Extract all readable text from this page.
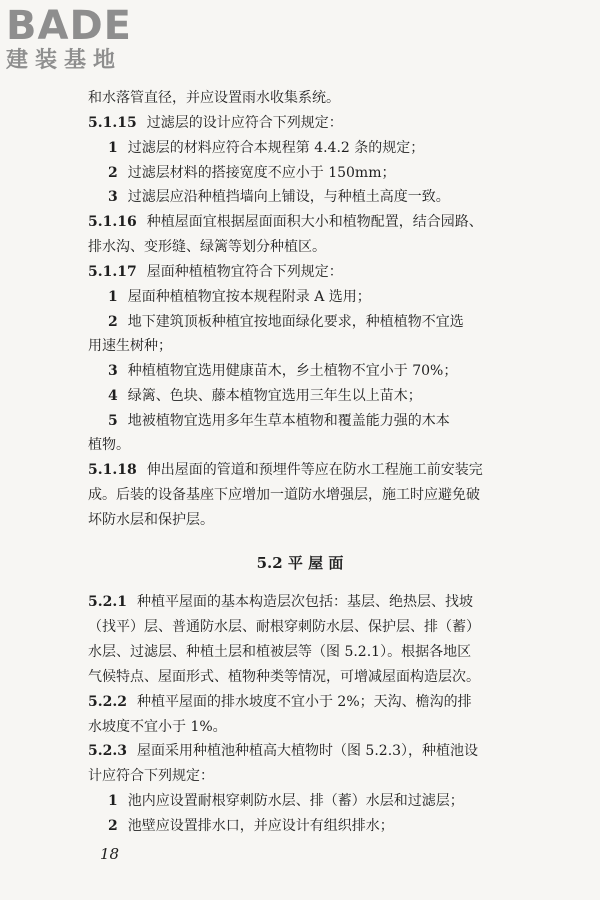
BADE
建装基地
和水落管直径，并应设置雨水收集系统。
5.1.15 过滤层的设计应符合下列规定：
1 过滤层的材料应符合本规程第 4.4.2 条的规定；
2 过滤层材料的搭接宽度不应小于 150mm；
3 过滤层应沿种植挡墙向上铺设，与种植土高度一致。
5.1.16 种植屋面宜根据屋面面积大小和植物配置，结合园路、
排水沟、变形缝、绿篱等划分种植区。
5.1.17 屋面种植植物宜符合下列规定：
1 屋面种植植物宜按本规程附录 A 选用；
2 地下建筑顶板种植宜按地面绿化要求，种植植物不宜选
用速生树种；
3 种植植物宜选用健康苗木，乡土植物不宜小于 70%；
4 绿篱、色块、藤本植物宜选用三年生以上苗木；
5 地被植物宜选用多年生草本植物和覆盖能力强的木本
植物。
5.1.18 伸出屋面的管道和预埋件等应在防水工程施工前安装完
成。后装的设备基座下应增加一道防水增强层，施工时应避免破
坏防水层和保护层。
5.2 平 屋 面
5.2.1 种植平屋面的基本构造层次包括：基层、绝热层、找坡
（找平）层、普通防水层、耐根穿刺防水层、保护层、排（蓄）
水层、过滤层、种植土层和植被层等（图 5.2.1）。根据各地区
气候特点、屋面形式、植物种类等情况，可增减屋面构造层次。
5.2.2 种植平屋面的排水坡度不宜小于 2%；天沟、檐沟的排
水坡度不宜小于 1%。
5.2.3 屋面采用种植池种植高大植物时（图 5.2.3），种植池设
计应符合下列规定：
1 池内应设置耐根穿刺防水层、排（蓄）水层和过滤层；
2 池壁应设置排水口，并应设计有组织排水；
18
